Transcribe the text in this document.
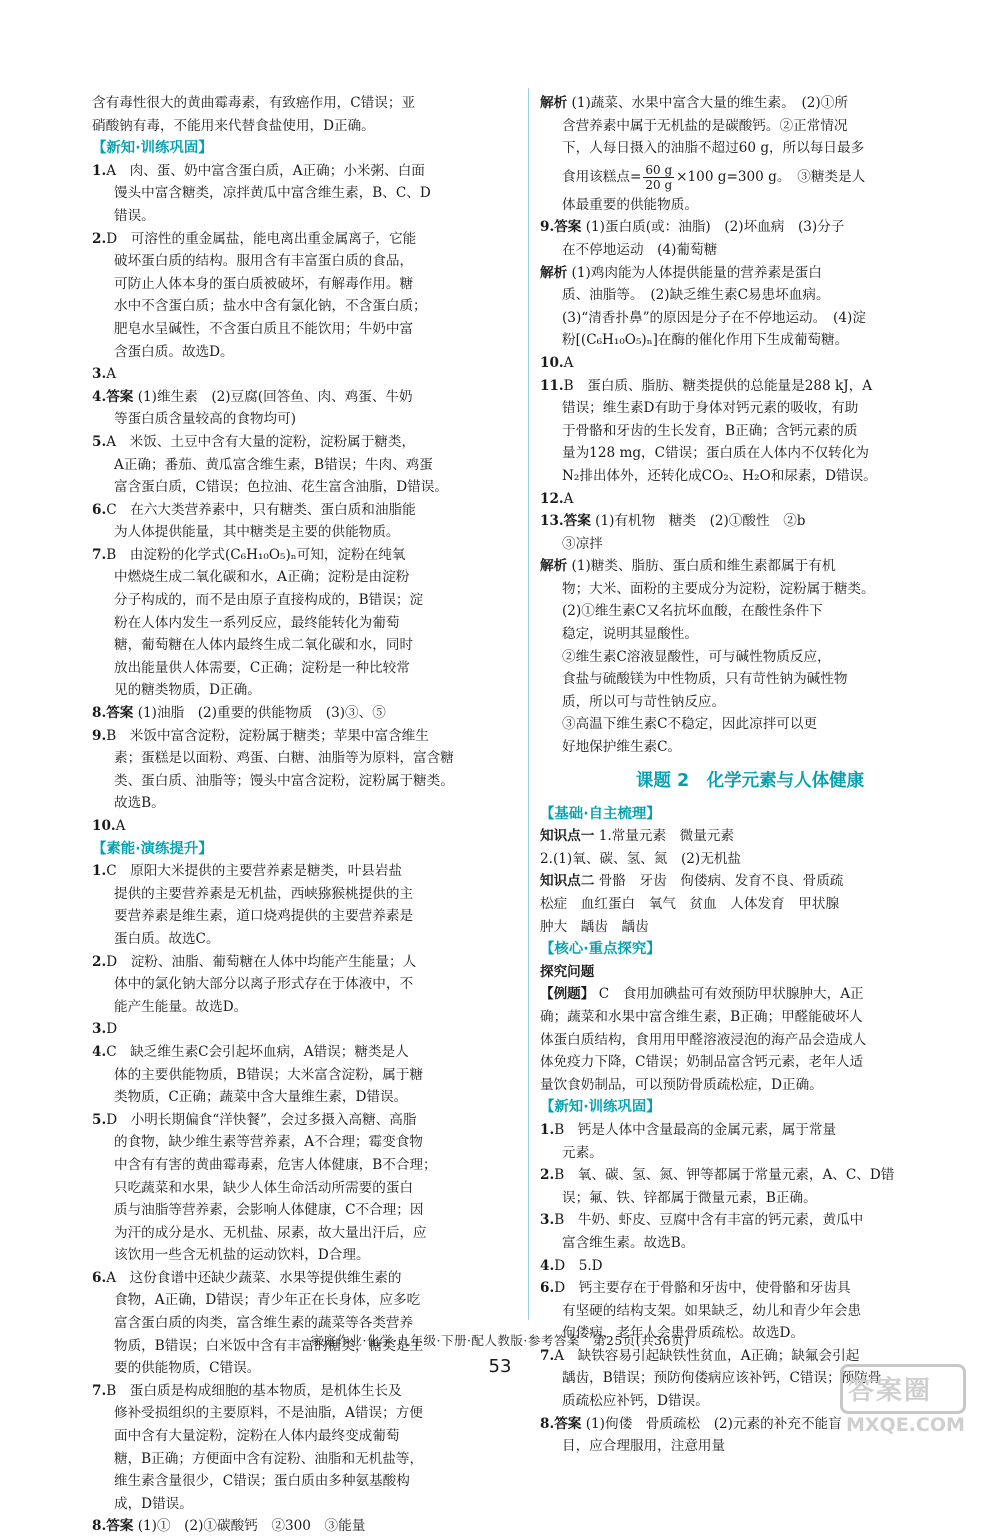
含有毒性很大的黄曲霉毒素，有致癌作用，C错误；亚
硝酸钠有毒，不能用来代替食盐使用，D正确。
【新知·训练巩固】
1.A　肉、蛋、奶中富含蛋白质，A正确；小米粥、白面
馒头中富含糖类，凉拌黄瓜中富含维生素，B、C、D
错误。
2.D　可溶性的重金属盐，能电离出重金属离子，它能
破坏蛋白质的结构。服用含有丰富蛋白质的食品，
可防止人体本身的蛋白质被破坏，有解毒作用。糖
水中不含蛋白质；盐水中含有氯化钠，不含蛋白质；
肥皂水呈碱性，不含蛋白质且不能饮用；牛奶中富
含蛋白质。故选D。
3.A
4.答案 (1)维生素　(2)豆腐(回答鱼、肉、鸡蛋、牛奶
等蛋白质含量较高的食物均可)
5.A　米饭、土豆中含有大量的淀粉，淀粉属于糖类，
A正确；番茄、黄瓜富含维生素，B错误；牛肉、鸡蛋
富含蛋白质，C错误；色拉油、花生富含油脂，D错误。
6.C　在六大类营养素中，只有糖类、蛋白质和油脂能
为人体提供能量，其中糖类是主要的供能物质。
7.B　由淀粉的化学式(C₆H₁₀O₅)ₙ可知，淀粉在纯氧
中燃烧生成二氧化碳和水，A正确；淀粉是由淀粉
分子构成的，而不是由原子直接构成的，B错误；淀
粉在人体内发生一系列反应，最终能转化为葡萄
糖，葡萄糖在人体内最终生成二氧化碳和水，同时
放出能量供人体需要，C正确；淀粉是一种比较常
见的糖类物质，D正确。
8.答案 (1)油脂　(2)重要的供能物质　(3)③、⑤
9.B　米饭中富含淀粉，淀粉属于糖类；苹果中富含维生
素；蛋糕是以面粉、鸡蛋、白糖、油脂等为原料，富含糖
类、蛋白质、油脂等；馒头中富含淀粉，淀粉属于糖类。
故选B。
10.A
【素能·演练提升】
1.C　原阳大米提供的主要营养素是糖类，叶县岩盐
提供的主要营养素是无机盐，西峡猕猴桃提供的主
要营养素是维生素，道口烧鸡提供的主要营养素是
蛋白质。故选C。
2.D　淀粉、油脂、葡萄糖在人体中均能产生能量；人
体中的氯化钠大部分以离子形式存在于体液中，不
能产生能量。故选D。
3.D
4.C　缺乏维生素C会引起坏血病，A错误；糖类是人
体的主要供能物质，B错误；大米富含淀粉，属于糖
类物质，C正确；蔬菜中含大量维生素，D错误。
5.D　小明长期偏食“洋快餐”，会过多摄入高糖、高脂
的食物，缺少维生素等营养素，A不合理；霉变食物
中含有有害的黄曲霉毒素，危害人体健康，B不合理；
只吃蔬菜和水果，缺少人体生命活动所需要的蛋白
质与油脂等营养素，会影响人体健康，C不合理；因
为汗的成分是水、无机盐、尿素，故大量出汗后，应
该饮用一些含无机盐的运动饮料，D合理。
6.A　这份食谱中还缺少蔬菜、水果等提供维生素的
食物，A正确，D错误；青少年正在长身体，应多吃
富含蛋白质的肉类，富含维生素的蔬菜等各类营养
物质，B错误；白米饭中含有丰富的糖类，糖类是主
要的供能物质，C错误。
7.B　蛋白质是构成细胞的基本物质，是机体生长及
修补受损组织的主要原料，不是油脂，A错误；方便
面中含有大量淀粉，淀粉在人体内最终变成葡萄
糖，B正确；方便面中含有淀粉、油脂和无机盐等，
维生素含量很少，C错误；蛋白质由多种氨基酸构
成，D错误。
8.答案 (1)①　(2)①碳酸钙　②300　③能量
解析 (1)蔬菜、水果中富含大量的维生素。　(2)①所
含营养素中属于无机盐的是碳酸钙。②正常情况
下，人每日摄入的油脂不超过60 g，所以每日最多
食用该糕点= $\frac{60 g}{20 g} \times 100$ g=300 g。　③糖类是人
体最重要的供能物质。
9.答案 (1)蛋白质(或：油脂)　(2)坏血病　(3)分子
在不停地运动　(4)葡萄糖
解析 (1)鸡肉能为人体提供能量的营养素是蛋白
质、油脂等。　(2)缺乏维生素C易患坏血病。
(3)“清香扑鼻”的原因是分子在不停地运动。　(4)淀
粉[(C₆H₁₀O₅)ₙ]在酶的催化作用下生成葡萄糖。
10.A
11.B　蛋白质、脂肪、糖类提供的总能量是288 kJ，A
错误；维生素D有助于身体对钙元素的吸收，有助
于骨骼和牙齿的生长发育，B正确；含钙元素的质
量为128 mg，C错误；蛋白质在人体内不仅转化为
N₂排出体外，还转化成CO₂、H₂O和尿素，D错误。
12.A
13.答案 (1)有机物　糖类　(2)①酸性　②b
③凉拌
解析 (1)糖类、脂肪、蛋白质和维生素都属于有机
物；大米、面粉的主要成分为淀粉，淀粉属于糖类。
(2)①维生素C又名抗坏血酸，在酸性条件下
稳定，说明其显酸性。
②维生素C溶液显酸性，可与碱性物质反应，
食盐与硫酸镁为中性物质，只有苛性钠为碱性物
质，所以可与苛性钠反应。
③高温下维生素C不稳定，因此凉拌可以更
好地保护维生素C。
课题 2　化学元素与人体健康
【基础·自主梳理】
知识点一 1.常量元素　微量元素
2.(1)氧、碳、氢、氮　(2)无机盐
知识点二 骨骼　牙齿　佝偻病、发育不良、骨质疏
松症　血红蛋白　氧气　贫血　人体发育　甲状腺
肿大　龋齿　龋齿
【核心·重点探究】
探究问题
【例题】 C　食用加碘盐可有效预防甲状腺肿大，A正
确；蔬菜和水果中富含维生素，B正确；甲醛能破坏人
体蛋白质结构，食用用甲醛溶液浸泡的海产品会造成人
体免疫力下降，C错误；奶制品富含钙元素，老年人适
量饮食奶制品，可以预防骨质疏松症，D正确。
【新知·训练巩固】
1.B　钙是人体中含量最高的金属元素，属于常量
元素。
2.B　氧、碳、氢、氮、钾等都属于常量元素，A、C、D错
误；氟、铁、锌都属于微量元素，B正确。
3.B　牛奶、虾皮、豆腐中含有丰富的钙元素，黄瓜中
富含维生素。故选B。
4.D　5.D
6.D　钙主要存在于骨骼和牙齿中，使骨骼和牙齿具
有坚硬的结构支架。如果缺乏，幼儿和青少年会患
佝偻病，老年人会患骨质疏松。故选D。
7.A　缺铁容易引起缺铁性贫血，A正确；缺氟会引起
龋齿，B错误；预防佝偻病应该补钙，C错误；预防骨
质疏松应补钙，D错误。
8.答案 (1)佝偻　骨质疏松　(2)元素的补充不能盲
目，应合理服用，注意用量
家庭作业·化学·九年级·下册·配人教版·参考答案　第25页(共36页)
53
答案圈
MXQE.COM
